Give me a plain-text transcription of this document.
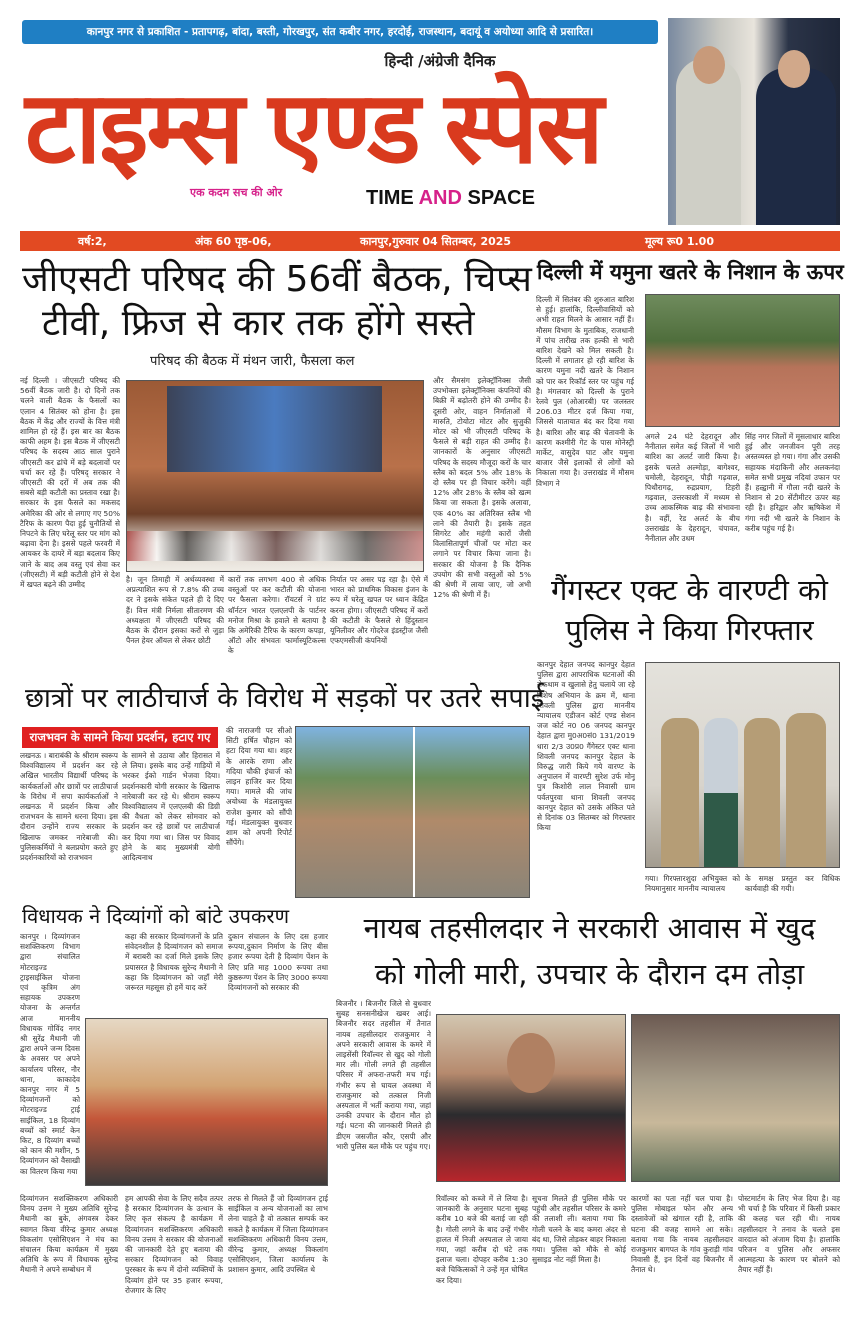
कानपुर नगर से प्रकाशित - प्रतापगढ़, बांदा, बस्ती, गोरखपुर, संत कबीर नगर, हरदोई, राजस्थान, बदायूं व अयोध्या आदि से प्रसारित।
हिन्दी /अंग्रेजी दैनिक
टाइम्स एण्ड स्पेस
एक कदम सच की ओर	TIME AND SPACE
वर्ष:2,	अंक 60 पृष्ठ-06,	कानपुर,गुरुवार 04 सितम्बर, 2025	मूल्य रू0 1.00
जीएसटी परिषद की 56वीं बैठक, चिप्स
टीवी, फ्रिज से कार तक होंगे सस्ते
परिषद की बैठक में मंथन जारी, फैसला कल
नई दिल्ली । जीएसटी परिषद की 56वीं बैठक जारी है। दो दिनों तक चलने वाली बैठक के फैसलों का एलान 4 सितंबर को होना है। इस बैठक में केंद्र और राज्यों के वित्त मंत्री शामिल हो रहे हैं। इस बार का बैठक काफी अहम है। इस बैठक में जीएसटी परिषद के सदस्य आठ साल पुराने जीएसटी कर ढांचे में बड़े बदलावों पर चर्चा कर रहे हैं। परिषद् सरकार ने जीएसटी की दरों में अब तक की सबसे बड़ी कटौती का प्रस्ताव रखा है। सरकार के इस फैसले का मकसद अमेरिका की ओर से लगाए गए 50% टैरिफ के कारण पैदा हुई चुनौतियों से निपटने के लिए घरेलू स्तर पर मांग को बढ़ावा देना है। इससे पहले फरवरी में आयकर के दायरे में बड़ा बदलाव किए जाने के बाद अब वस्तु एवं सेवा कर (जीएसटी) में बड़ी कटौती होने से देश में खपत बढ़ने की उम्मीद
है। जून तिमाही में अर्थव्यवस्था में अप्रत्याशित रूप से 7.8% की उच्च दर ने इसके संकेत पहले ही दे दिए हैं। वित्त मंत्री निर्मला सीतारमण की अध्यक्षता में जीएसटी परिषद की बैठक के दौरान इसका करों से जुड़ा पैनल हेयर ऑयल से लेकर छोटी
कारों तक लगभग 400 से अधिक वस्तुओं पर कर कटौती की योजना पर फैसला करेगा। रॉयटर्स ने ग्रांट थॉर्नटन भारत एलएलपी के पार्टनर मनोज मिश्रा के हवाले से बताया है कि अमेरिकी टैरिफ के कारण कपड़ा, ऑटो और संभवतः फार्मास्यूटिकल्स के
निर्यात पर असर पड़ रहा है। ऐसे में भारत को प्राथमिक विकास इंजन के रूप में घरेलू खपत पर ध्यान केंद्रित करना होगा। जीएसटी परिषद में करों की कटौती के फैसले से हिंदुस्तान यूनिलीवर और गोदरेज इंडस्ट्रीज जैसी एफएमसीजी कंपनियों
और सैमसंग इलेक्ट्रॉनिक्स जैसी उपभोक्ता इलेक्ट्रॉनिक्स कंपनियों की बिक्री में बढ़ोतरी होने की उम्मीद है। दूसरी ओर, वाहन निर्माताओं में मारुति, टोयोटा मोटर और सुजुकी मोटर को भी जीएसटी परिषद के फैसले से बड़ी राहत की उम्मीद है। जानकारों के अनुसार जीएसटी परिषद के सदस्य मौजूदा करों के चार स्लैब को बदल 5% और 18% के दो स्लैब पर ही विचार करेंगे। वहीं 12% और 28% के स्लैब को खत्म किया जा सकता है। इसके अलावा, एक 40% का अतिरिक्त स्लैब भी लाने की तैयारी है। इसके तहत सिगरेट और महंगी कारों जैसी विलासितापूर्ण चीजों पर मोटा कर लगाने पर विचार किया जाना है। सरकार की योजना है कि दैनिक उपयोग की सभी वस्तुओं को 5% की श्रेणी में लाया जाए, जो अभी 12% की श्रेणी में हैं।
दिल्ली में यमुना खतरे के निशान के ऊपर
दिल्ली में सितंबर की शुरुआत बारिश से हुई। हालांकि, दिल्लीवासियों को अभी राहत मिलने के आसार नहीं हैं। मौसम विभाग के मुताबिक, राजधानी में पांच तारीख तक हल्की से भारी बारिश देखने को मिल सकती है। दिल्ली में लगातार हो रही बारिश के कारण यमुना नदी खतरे के निशान को पार कर रिकॉर्ड स्तर पर पहुंच गई है। मंगलवार को दिल्ली के पुराने रेलवे पुल (ओआरबी) पर जलस्तर 206.03 मीटर दर्ज किया गया, जिससे यातायात बंद कर दिया गया है। बारिश और बाढ़ की चेतावनी के कारण कश्मीरी गेट के पास मोनेस्ट्री मार्केट, वासुदेव घाट और यमुना बाजार जैसे इलाकों से लोगों को निकाला गया है। उत्तराखंड में मौसम विभाग ने
अगले 24 घंटे देहरादून और नैनीताल समेत कई जिलों में भारी बारिश का अलर्ट जारी किया है। इसके चलते अल्मोड़ा, बागेश्वर, चमोली, देहरादून, पौड़ी गढ़वाल, पिथौरागढ़, रुद्रप्रयाग, टिहरी गढ़वाल, उत्तरकाशी में मध्यम से उच्च आकस्मिक बाढ़ की संभावना है। वहीं, रेड अलर्ट के बीच उत्तराखंड के देहरादून, चंपावत, नैनीताल और उधम
सिंह नगर जिलों में मूसलाधार बारिश हुई और जनजीवन पूरी तरह अस्तव्यस्त हो गया। गंगा और उसकी सहायक मंदाकिनी और अलकनंदा समेत सभी प्रमुख नदियां उफान पर हैं। हल्द्वानी में गौला नदी खतरे के निशान से 20 सेंटीमीटर ऊपर बह रही है। हरिद्वार और ऋषिकेश में गंगा नदी भी खतरे के निशान के करीब पहुंच गई है।
गैंगस्टर एक्ट के वारण्टी को
पुलिस ने किया गिरफ्तार
कानपुर देहात जनपद कानपुर देहात पुलिस द्वारा आपराधिक घटनाओं की रोकथाम व खुलासे हेतु चलाये जा रहे विशेष अभियान के क्रम में, थाना शिवली पुलिस द्वारा माननीय न्यायालय एडीजन कोर्ट एण्ड सेशन जज कोर्ट न0 06 जनपद कानपुर देहात द्वारा मु0अ0सं0 131/2019 धारा 2/3 उ0प्र0 गैंगेस्टर एक्ट थाना शिवली जनपद कानपुर देहात के विरुद्ध जारी किये गये वारण्ट के अनुपालन में वारण्टी सुरेश उर्फ मोनू पुत्र किशोरी लाल निवासी ग्राम पर्वतपुरवा थाना शिवली जनपद कानपुर देहात को उसके अंकित पते से दिनांक 03 सितम्बर को गिरफ्तार किया
गया। गिरफ्तारशुदा अभियुक्त को नियमानुसार माननीय न्यायालय
के समक्ष प्रस्तुत कर विधिक कार्यवाही की गयी।
छात्रों पर लाठीचार्ज के विरोध में सड़कों पर उतरे सपाई
राजभवन के सामने किया प्रदर्शन, हटाए गए
लखनऊ । बाराबंकी के श्रीराम स्वरूप विश्वविद्यालय में प्रदर्शन कर रहे अखिल भारतीय विद्यार्थी परिषद के कार्यकर्ताओं और छात्रों पर लाठीचार्ज के विरोध में सपा कार्यकर्ताओं ने लखनऊ में प्रदर्शन किया और राजभवन के सामने धरना दिया। इस दौरान उन्होंने राज्य सरकार के खिलाफ जमकर नारेबाजी की। पुलिसकर्मियों ने बलप्रयोग करते हुए प्रदर्शनकारियों को राजभवन
के सामने से उठाया और हिरासत में ले लिया। इसके बाद उन्हें गाड़ियों में भरकर ईको गार्डन भेजवा दिया। प्रदर्शनकारी योगी सरकार के खिलाफ नारेबाजी कर रहे थे। श्रीराम स्वरूप विश्वविद्यालय में एलएलबी की डिग्री की वैधता को लेकर सोमवार को प्रदर्शन कर रहे छात्रों पर लाठीचार्ज कर दिया गया था। जिस पर विवाद होने के बाद मुख्यमंत्री योगी आदित्यनाथ
की नाराजगी पर सीओ सिटी हर्षित चौहान को हटा दिया गया था। शहर के आरके राणा और गदिया चौकी इंचार्ज को लाइन हाजिर कर दिया गया। मामले की जांच अयोध्या के मंडलायुक्त राजेश कुमार को सौंपी गई। मंडलायुक्त बुधवार शाम को अपनी रिपोर्ट सौंपेंगे।
विधायक ने दिव्यांगों को बांटे उपकरण
कानपुर । दिव्यांगजन सशक्तिकरण विभाग द्वारा संचालित मोटराइज्ड ट्राइसाईकिल योजना एवं कृत्रिम अंग सहायक उपकरण योजना के अन्तर्गत आज माननीय विधायक गोविंद नगर श्री सुरेंद्र मैथानी जी द्वारा अपने जन्म दिवस के अवसर पर अपने कार्यालय परिसर, नौर थाना, काकादेव कानपुर नगर में 5 दिव्यांगजनों को मोटराइज्ड ट्राई साईकिल, 18 दिव्यांग बच्चों को स्मार्ट केन किट, 8 दिव्यांग बच्चों को कान की मशीन, 5 दिव्यांगजन को वैसाखी का वितरण किया गया
कहा की सरकार दिव्यांगजनों के प्रति संवेदनशील है दिव्यांगजन को समाज में बराबरी का दर्जा मिले इसके लिए प्रयासरत है विधायक सुरेन्द मैथानी ने कहा कि दिव्यांगजन को जहाँ मेरी जरूरत महसूस हो हमें याद करें
दुकान संचालन के लिए दस हजार रूपया,दुकान निर्माण के लिए बीस हजार रूपया देती है दिव्यांग पेंशन के लिए प्रति माह 1000 रूपया तथा कुष्ठरूग्ण पेंशन के लिए 3000 रूपया दिव्यांगजनों को सरकार की
दिव्यांगजन सशक्तिकरण अधिकारी विनय उत्तम ने मुख्य अतिथि सुरेन्द्र मैथानी का बुके, अंगवस्त्र देकर स्वागत किया वीरेन्द्र कुमार अध्यक्ष विकलांग एसोसिएशन ने मंच का संचालन किया कार्यक्रम में मुख्य अतिथि के रूप में विधायक सुरेन्द्र मैथानी ने अपने सम्बोधन में
हम आपकी सेवा के लिए सदैव तत्पर है सरकार दिव्यांगजन के उत्थान के लिए कृत संकल्प है कार्यक्रम में दिव्यांगजन सशक्तिकरण अधिकारी विनय उत्तम ने सरकार की योजनाओं की जानकारी देते हुए बताया की सरकार दिव्यांगजन को विवाह पुरस्कार के रूप में दोनो व्यक्तियों के दिव्यांग होने पर 35 हजार रूपया, रोजगार के लिए
तरफ से मिलते हैं जो दिव्यांगजन ट्राई साईकिल व अन्य योजनाओं का लाभ लेना चाहते है वो तत्काल सम्पर्क कर सकते है कार्यक्रम में जिला दिव्यांगजन सशक्तिकरण अधिकारी विनय उत्तम, वीरेन्द्र कुमार, अध्यक्ष विकलांग एसोसिएशन, जिला कार्यालय के प्रशासन कुमार, आदि उपस्थित थे
नायब तहसीलदार ने सरकारी आवास में खुद
को गोली मारी, उपचार के दौरान दम तोड़ा
बिजनौर । बिजनौर जिले से बुधवार सुबह सनसनीखेज खबर आई। बिजनौर सदर तहसील में तैनात नायब तहसीलदार राजकुमार ने अपने सरकारी आवास के कमरे में लाइसेंसी रिवॉल्वर से खुद को गोली मार ली। गोली लगते ही तहसील परिसर में अफरा-तफरी मच गई। गंभीर रूप से घायल अवस्था में राजकुमार को तत्काल निजी अस्पताल में भर्ती कराया गया, जहां उनकी उपचार के दौरान मौत हो गई। घटना की जानकारी मिलते ही डीएम जसजीत कौर, एसपी और भारी पुलिस बल मौके पर पहुंच गए।
रिवॉल्वर को कब्जे में ले लिया है। जानकारी के अनुसार घटना सुबह करीब 10 बजे की बताई जा रही है। गोली लगने के बाद उन्हें गंभीर हालत में निजी अस्पताल ले जाया गया, जहां करीब दो घंटे तक इलाज चला। दोपहर करीब 1:30 बजे चिकित्सकों ने उन्हें मृत घोषित कर दिया।
सूचना मिलते ही पुलिस मौके पर पहुंची और तहसील परिसर के कमरे की तलाशी ली। बताया गया कि गोली चलने के बाद कमरा अंदर से बंद था, जिसे तोड़कर बाहर निकाला गया। पुलिस को मौके से कोई सुसाइड नोट नहीं मिला है।
कारणों का पता नहीं चल पाया है। पुलिस मोबाइल फोन और अन्य दस्तावेजों को खंगाल रही है, ताकि घटना की वजह सामने आ सके। बताया गया कि नायब तहसीलदार राजकुमार बागपत के गांव कुराड़ी गांव निवासी हैं, इन दिनों वह बिजनौर में तैनात थे।
पोस्टमार्टम के लिए भेज दिया है। वह भी चर्चा है कि परिवार में किसी प्रकार की कलह चल रही थी। नायब तहसीलदार ने तनाव के चलते इस वारदात को अंजाम दिया है। हालांकि परिजन व पुलिस और अफसर आत्महत्या के कारण पर बोलने को तैयार नहीं हैं।
